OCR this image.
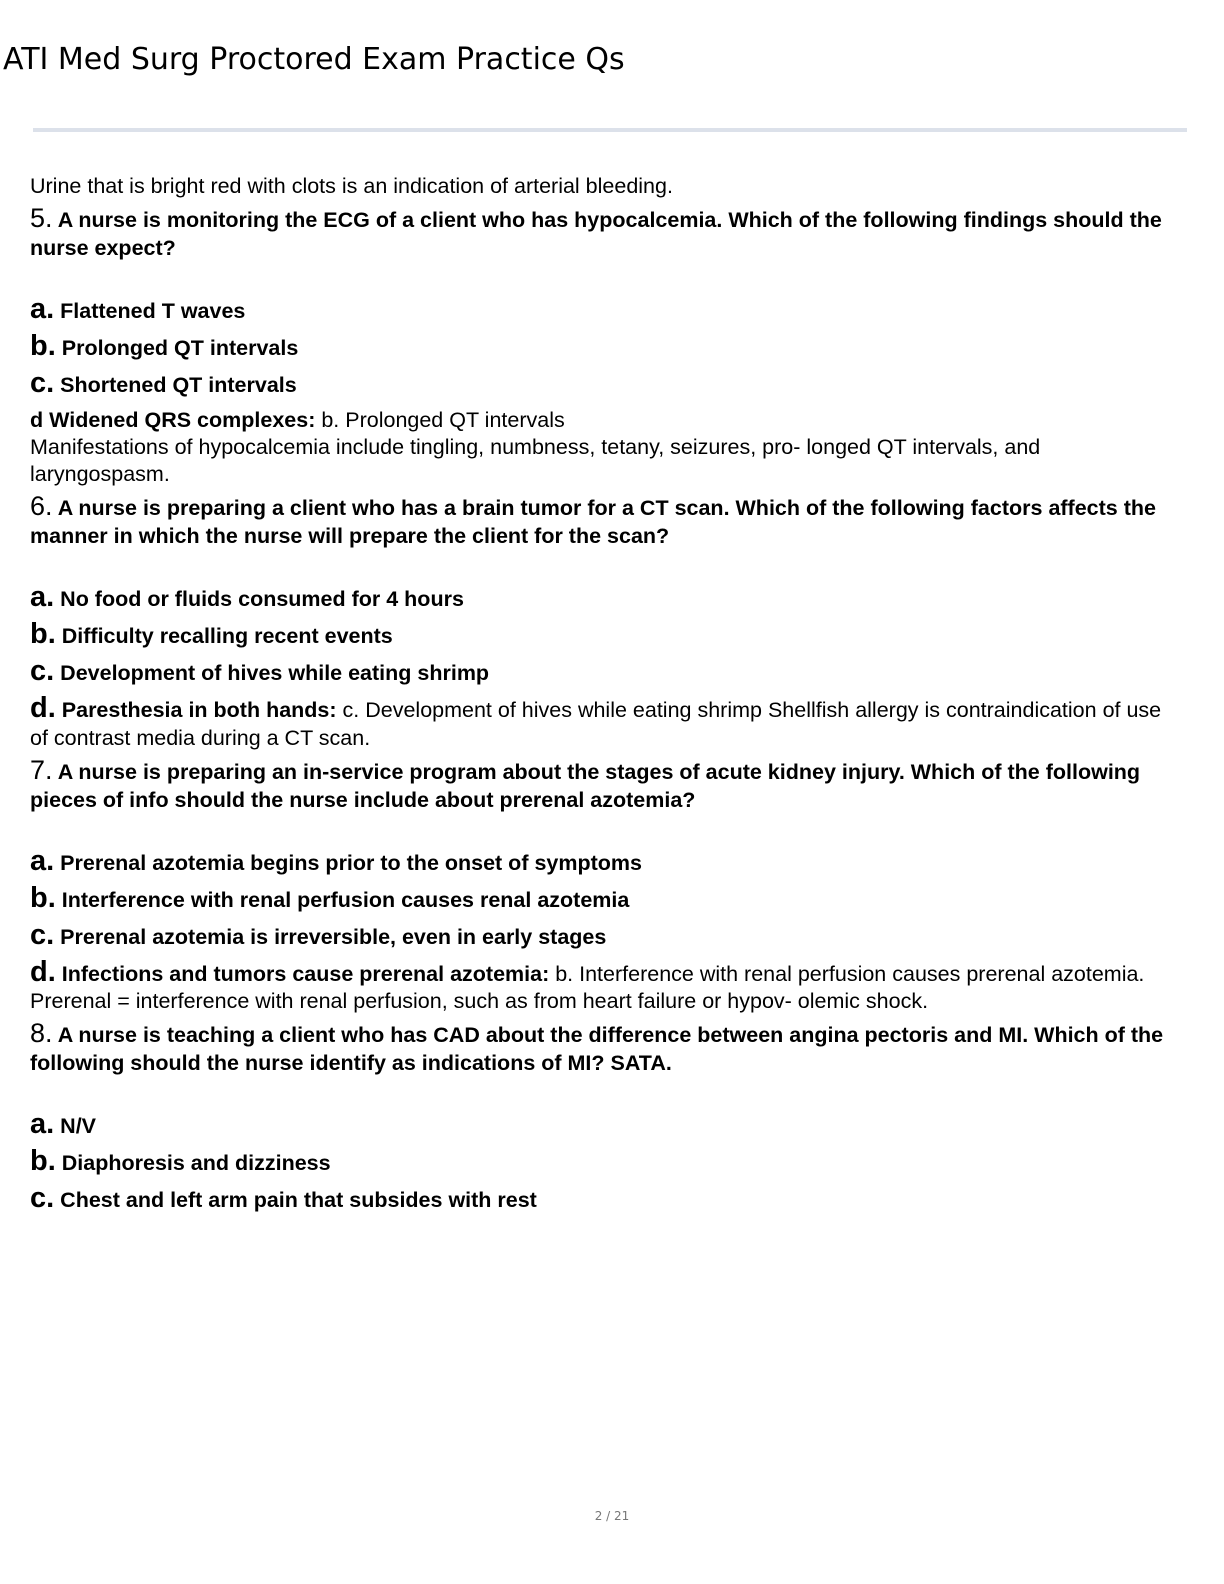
ATI Med Surg Proctored Exam Practice Qs
Urine that is bright red with clots is an indication of arterial bleeding.
5. A nurse is monitoring the ECG of a client who has hypocalcemia. Which of the following findings should the nurse expect?
a. Flattened T waves
b. Prolonged QT intervals
c. Shortened QT intervals
d Widened QRS complexes: b. Prolonged QT intervals
Manifestations of hypocalcemia include tingling, numbness, tetany, seizures, pro- longed QT intervals, and laryngospasm.
6. A nurse is preparing a client who has a brain tumor for a CT scan. Which of the following factors affects the manner in which the nurse will prepare the client for the scan?
a. No food or fluids consumed for 4 hours
b. Difficulty recalling recent events
c. Development of hives while eating shrimp
d. Paresthesia in both hands: c. Development of hives while eating shrimp Shellfish allergy is contraindication of use of contrast media during a CT scan.
7. A nurse is preparing an in-service program about the stages of acute kidney injury. Which of the following pieces of info should the nurse include about prerenal azotemia?
a. Prerenal azotemia begins prior to the onset of symptoms
b. Interference with renal perfusion causes renal azotemia
c. Prerenal azotemia is irreversible, even in early stages
d. Infections and tumors cause prerenal azotemia: b. Interference with renal perfusion causes prerenal azotemia.
Prerenal = interference with renal perfusion, such as from heart failure or hypov- olemic shock.
8. A nurse is teaching a client who has CAD about the difference between angina pectoris and MI. Which of the following should the nurse identify as indications of MI? SATA.
a. N/V
b. Diaphoresis and dizziness
c. Chest and left arm pain that subsides with rest
2 / 21
